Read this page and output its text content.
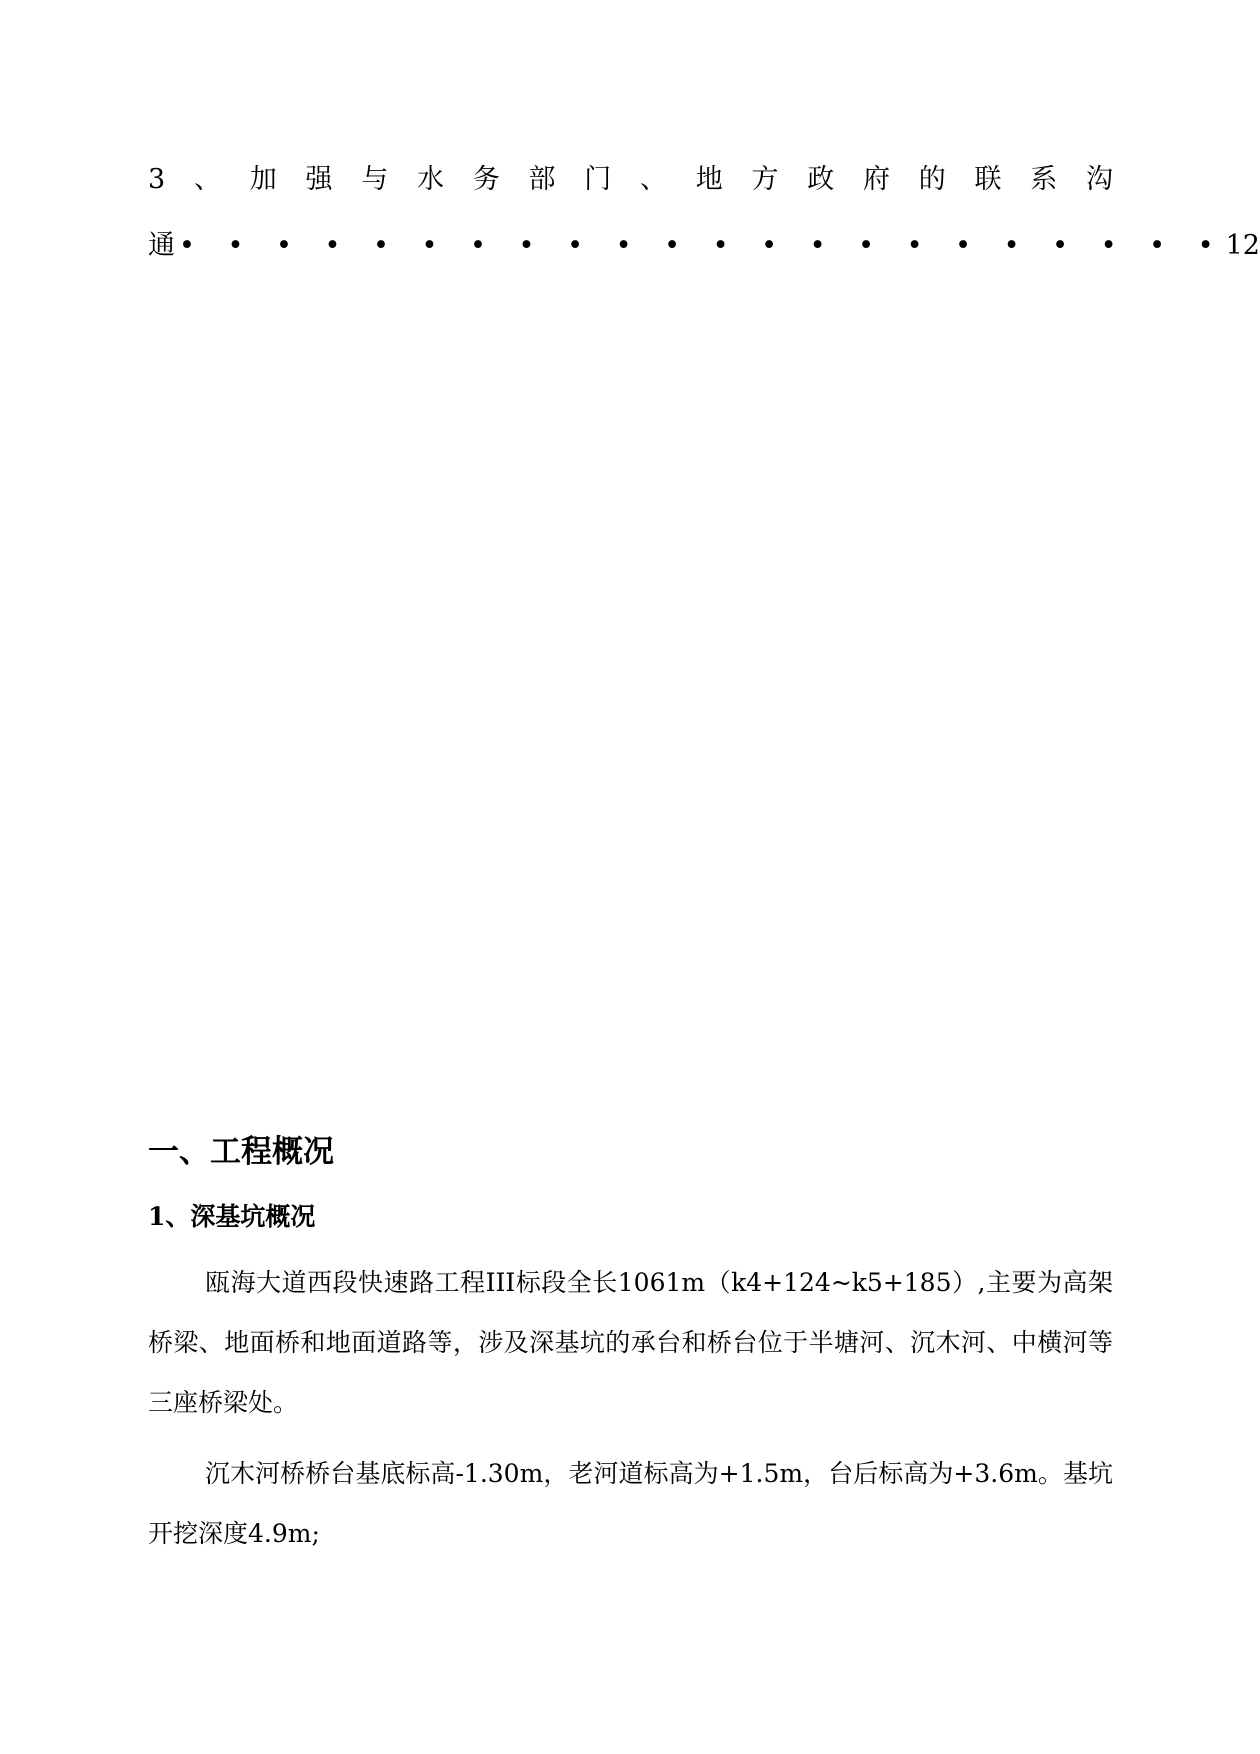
3 、 加 强 与 水 务 部 门 、 地 方 政 府 的 联 系 沟
通 • • • • • • • • • • • • • • • • • • • • • •12
一、工程概况
1、深基坑概况

瓯海大道西段快速路工程III标段全长1061m（k4+124~k5+185）,主要为高架桥梁、地面桥和地面道路等，涉及深基坑的承台和桥台位于半塘河、沉木河、中横河等三座桥梁处。

沉木河桥桥台基底标高-1.30m，老河道标高为+1.5m，台后标高为+3.6m。基坑开挖深度4.9m;
